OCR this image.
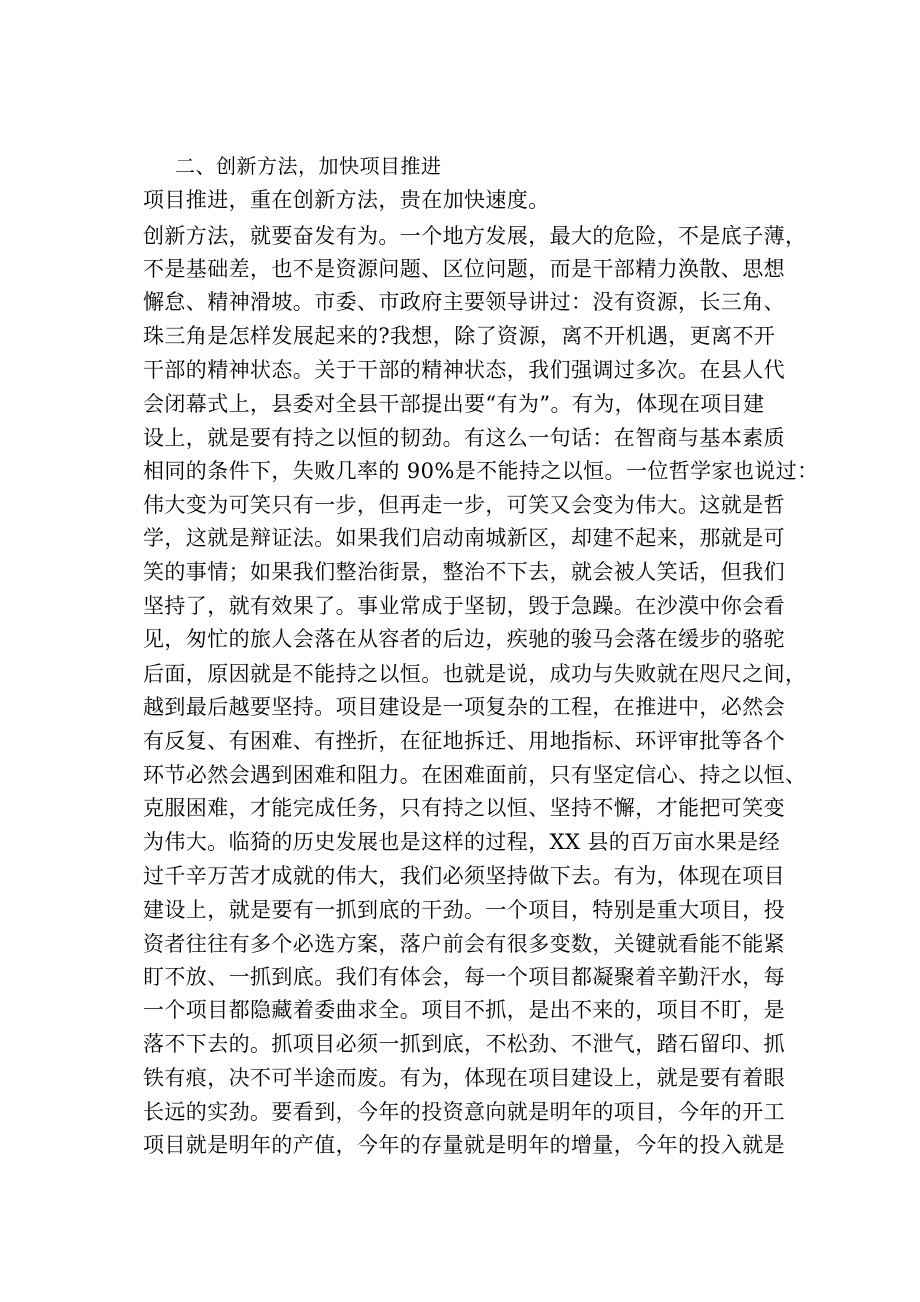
二、创新方法，加快项目推进
项目推进，重在创新方法，贵在加快速度。
创新方法，就要奋发有为。一个地方发展，最大的危险，不是底子薄，
不是基础差，也不是资源问题、区位问题，而是干部精力涣散、思想
懈怠、精神滑坡。市委、市政府主要领导讲过：没有资源，长三角、
珠三角是怎样发展起来的?我想，除了资源，离不开机遇，更离不开
干部的精神状态。关于干部的精神状态，我们强调过多次。在县人代
会闭幕式上，县委对全县干部提出要“有为”。有为，体现在项目建
设上，就是要有持之以恒的韧劲。有这么一句话：在智商与基本素质
相同的条件下，失败几率的 90%是不能持之以恒。一位哲学家也说过：
伟大变为可笑只有一步，但再走一步，可笑又会变为伟大。这就是哲
学，这就是辩证法。如果我们启动南城新区，却建不起来，那就是可
笑的事情；如果我们整治街景，整治不下去，就会被人笑话，但我们
坚持了，就有效果了。事业常成于坚韧，毁于急躁。在沙漠中你会看
见，匆忙的旅人会落在从容者的后边，疾驰的骏马会落在缓步的骆驼
后面，原因就是不能持之以恒。也就是说，成功与失败就在咫尺之间，
越到最后越要坚持。项目建设是一项复杂的工程，在推进中，必然会
有反复、有困难、有挫折，在征地拆迁、用地指标、环评审批等各个
环节必然会遇到困难和阻力。在困难面前，只有坚定信心、持之以恒、
克服困难，才能完成任务，只有持之以恒、坚持不懈，才能把可笑变
为伟大。临猗的历史发展也是这样的过程，XX 县的百万亩水果是经
过千辛万苦才成就的伟大，我们必须坚持做下去。有为，体现在项目
建设上，就是要有一抓到底的干劲。一个项目，特别是重大项目，投
资者往往有多个必选方案，落户前会有很多变数，关键就看能不能紧
盯不放、一抓到底。我们有体会，每一个项目都凝聚着辛勤汗水，每
一个项目都隐藏着委曲求全。项目不抓，是出不来的，项目不盯，是
落不下去的。抓项目必须一抓到底，不松劲、不泄气，踏石留印、抓
铁有痕，决不可半途而废。有为，体现在项目建设上，就是要有着眼
长远的实劲。要看到，今年的投资意向就是明年的项目，今年的开工
项目就是明年的产值，今年的存量就是明年的增量，今年的投入就是
